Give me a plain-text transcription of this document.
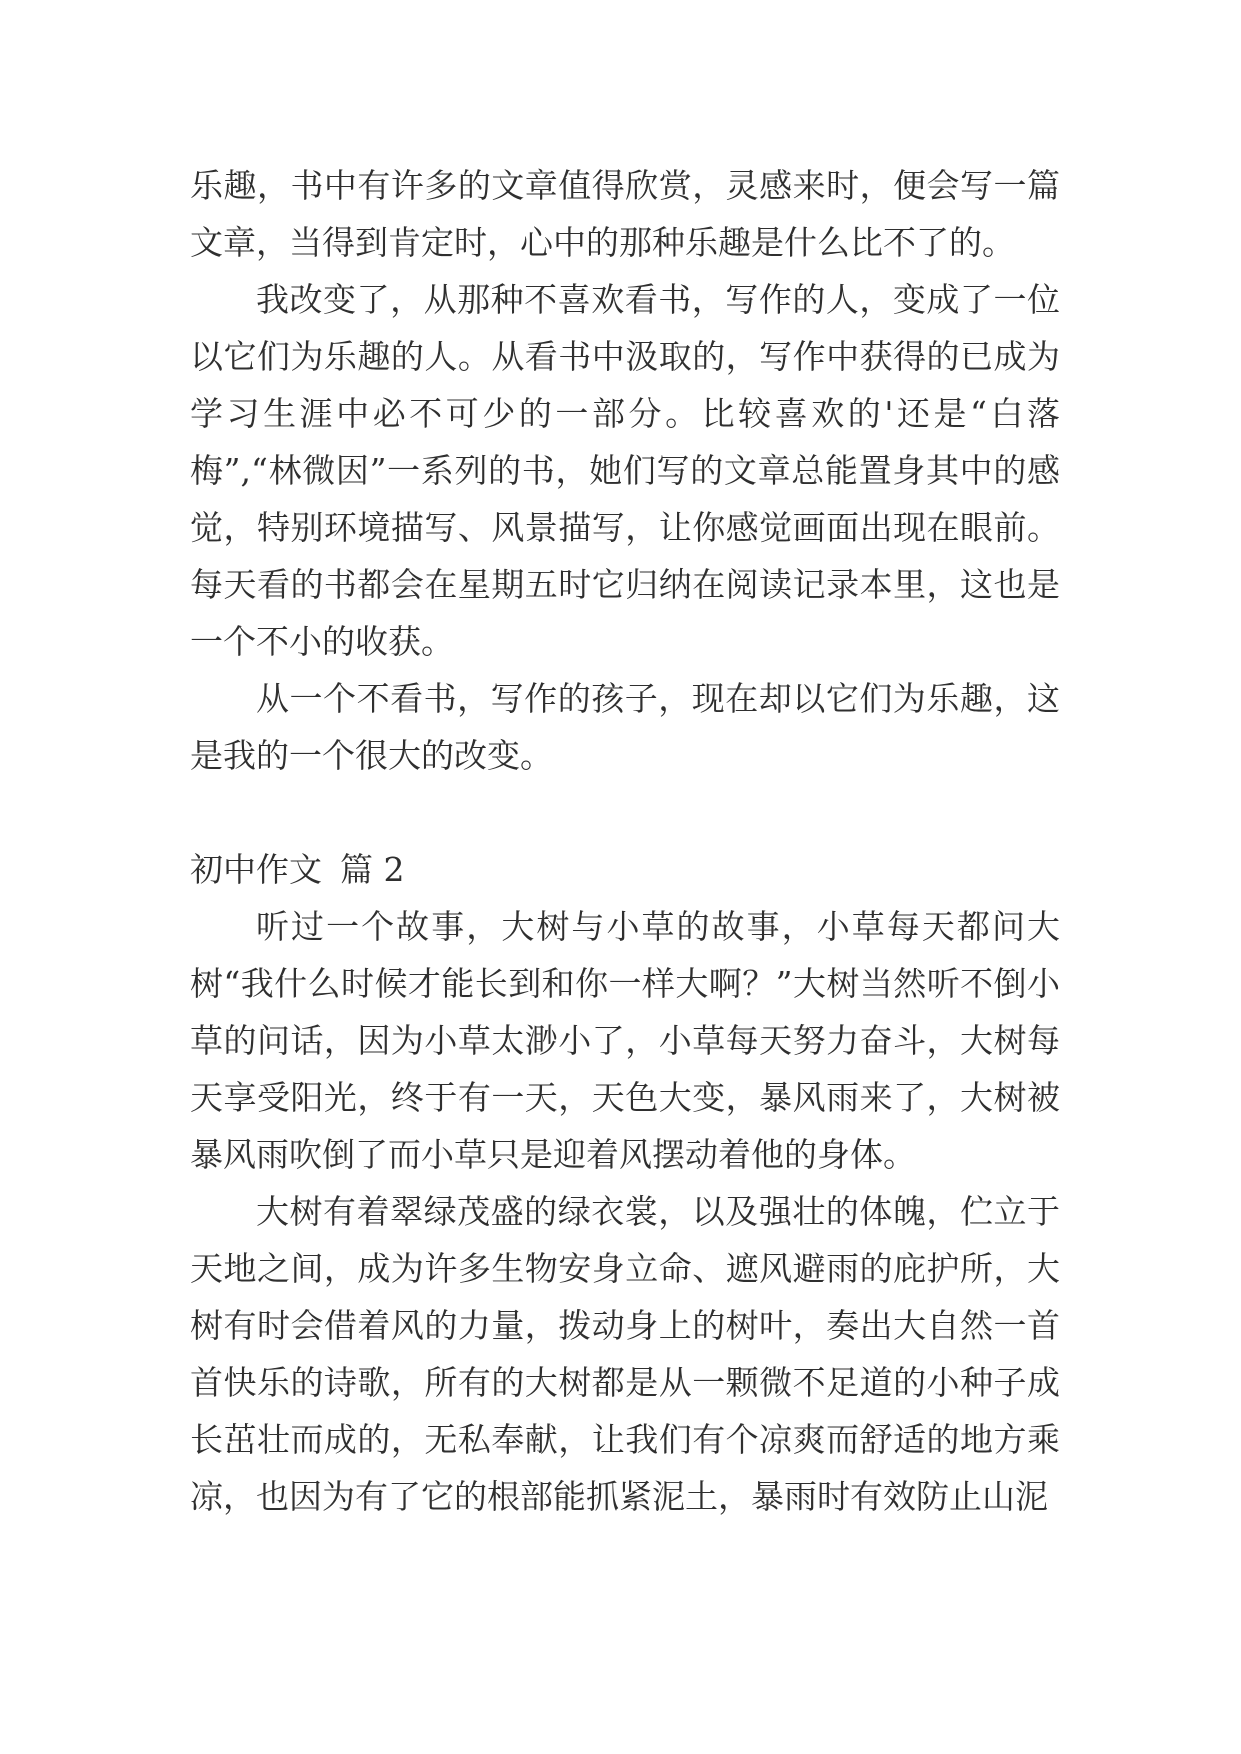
乐趣，书中有许多的文章值得欣赏，灵感来时，便会写一篇文章，当得到肯定时，心中的那种乐趣是什么比不了的。

我改变了，从那种不喜欢看书，写作的人，变成了一位以它们为乐趣的人。从看书中汲取的，写作中获得的已成为学习生涯中必不可少的一部分。比较喜欢的'还是“白落梅”,“林微因”一系列的书，她们写的文章总能置身其中的感觉，特别环境描写、风景描写，让你感觉画面出现在眼前。每天看的书都会在星期五时它归纳在阅读记录本里，这也是一个不小的收获。

从一个不看书，写作的孩子，现在却以它们为乐趣，这是我的一个很大的改变。

初中作文 篇 2

听过一个故事，大树与小草的故事，小草每天都问大树“我什么时候才能长到和你一样大啊？”大树当然听不倒小草的问话，因为小草太渺小了，小草每天努力奋斗，大树每天享受阳光，终于有一天，天色大变，暴风雨来了，大树被暴风雨吹倒了而小草只是迎着风摆动着他的身体。

大树有着翠绿茂盛的绿衣裳，以及强壮的体魄，伫立于天地之间，成为许多生物安身立命、遮风避雨的庇护所，大树有时会借着风的力量，拨动身上的树叶，奏出大自然一首首快乐的诗歌，所有的大树都是从一颗微不足道的小种子成长茁壮而成的，无私奉献，让我们有个凉爽而舒适的地方乘凉，也因为有了它的根部能抓紧泥土，暴雨时有效防止山泥
